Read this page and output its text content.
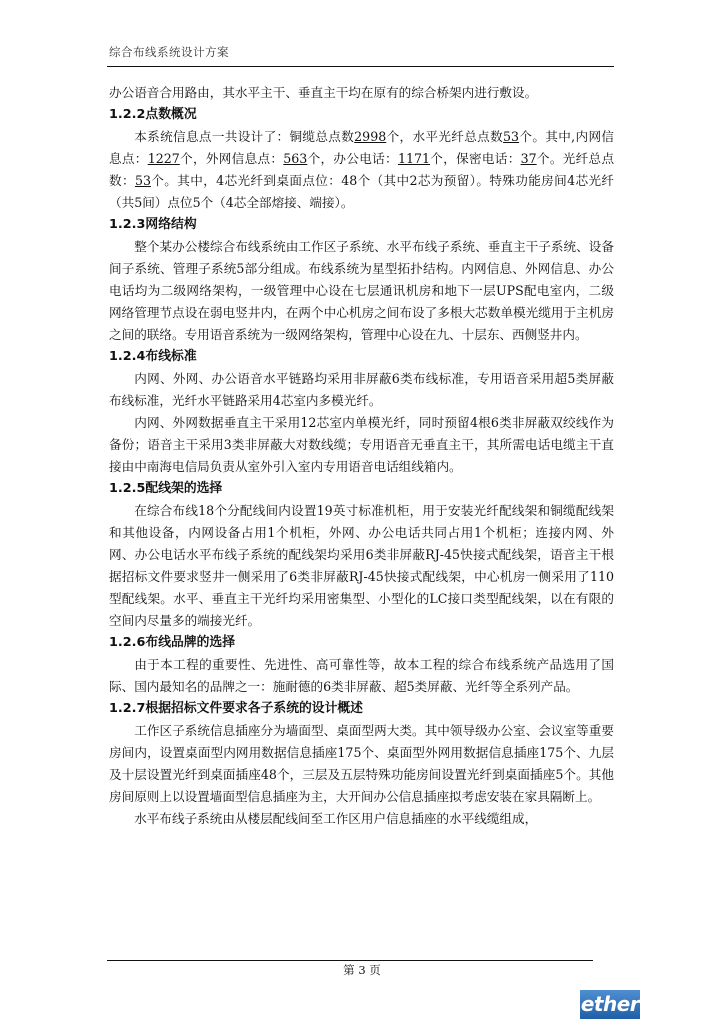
综合布线系统设计方案

办公语音合用路由，其水平主干、垂直主干均在原有的综合桥架内进行敷设。

1.2.2点数概况

本系统信息点一共设计了：铜缆总点数2998个，水平光纤总点数53个。其中,内网信息点：1227个，外网信息点：563个，办公电话：1171个，保密电话：37个。光纤总点数：53个。其中，4芯光纤到桌面点位：48个（其中2芯为预留）。特殊功能房间4芯光纤（共5间）点位5个（4芯全部熔接、端接）。

1.2.3网络结构

整个某办公楼综合布线系统由工作区子系统、水平布线子系统、垂直主干子系统、设备间子系统、管理子系统5部分组成。布线系统为星型拓扑结构。内网信息、外网信息、办公电话均为二级网络架构，一级管理中心设在七层通讯机房和地下一层UPS配电室内，二级网络管理节点设在弱电竖井内，在两个中心机房之间布设了多根大芯数单模光缆用于主机房之间的联络。专用语音系统为一级网络架构，管理中心设在九、十层东、西侧竖井内。

1.2.4布线标准

内网、外网、办公语音水平链路均采用非屏蔽6类布线标准，专用语音采用超5类屏蔽布线标准，光纤水平链路采用4芯室内多模光纤。

内网、外网数据垂直主干采用12芯室内单模光纤，同时预留4根6类非屏蔽双绞线作为备份；语音主干采用3类非屏蔽大对数线缆；专用语音无垂直主干，其所需电话电缆主干直接由中南海电信局负责从室外引入室内专用语音电话组线箱内。

1.2.5配线架的选择

在综合布线18个分配线间内设置19英寸标准机柜，用于安装光纤配线架和铜缆配线架和其他设备，内网设备占用1个机柜，外网、办公电话共同占用1个机柜；连接内网、外网、办公电话水平布线子系统的配线架均采用6类非屏蔽RJ-45快接式配线架，语音主干根据招标文件要求竖井一侧采用了6类非屏蔽RJ-45快接式配线架，中心机房一侧采用了110型配线架。水平、垂直主干光纤均采用密集型、小型化的LC接口类型配线架，以在有限的空间内尽量多的端接光纤。

1.2.6布线品牌的选择

由于本工程的重要性、先进性、高可靠性等，故本工程的综合布线系统产品选用了国际、国内最知名的品牌之一：施耐德的6类非屏蔽、超5类屏蔽、光纤等全系列产品。

1.2.7根据招标文件要求各子系统的设计概述

工作区子系统信息插座分为墙面型、桌面型两大类。其中领导级办公室、会议室等重要房间内，设置桌面型内网用数据信息插座175个、桌面型外网用数据信息插座175个、九层及十层设置光纤到桌面插座48个，三层及五层特殊功能房间设置光纤到桌面插座5个。其他房间原则上以设置墙面型信息插座为主，大开间办公信息插座拟考虑安装在家具隔断上。

水平布线子系统由从楼层配线间至工作区用户信息插座的水平线缆组成，

第 3 页
ether
